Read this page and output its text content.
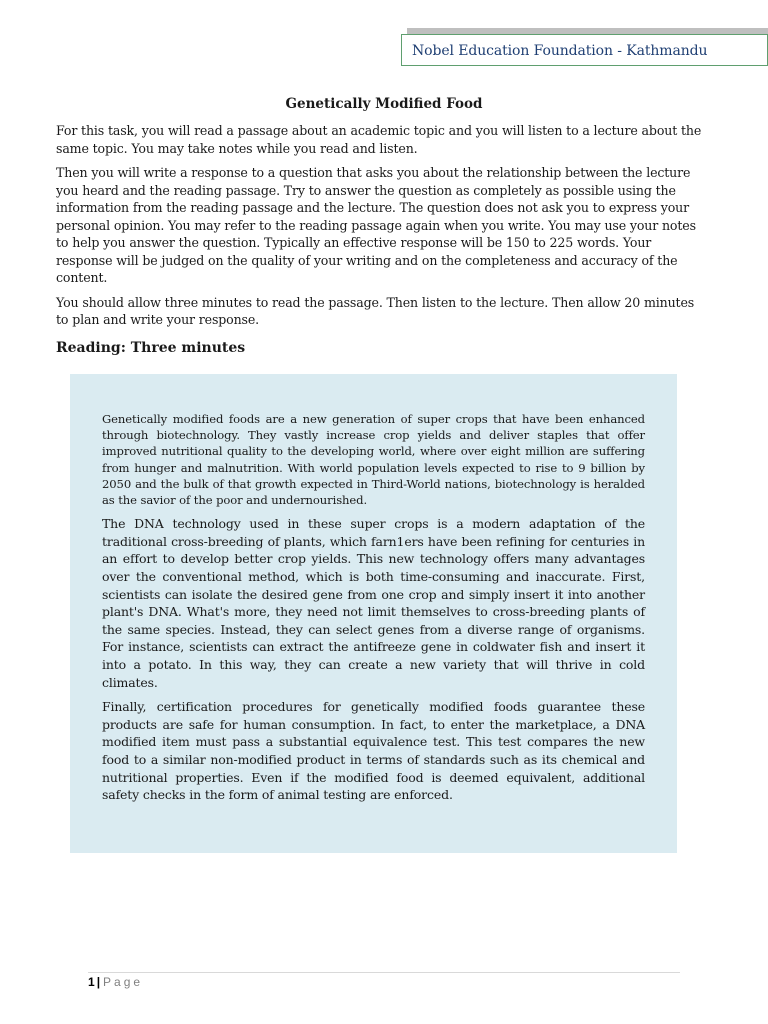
Nobel Education Foundation - Kathmandu
Genetically Modified Food

For this task, you will read a passage about an academic topic and you will listen to a lecture about the same topic. You may take notes while you read and listen.

Then you will write a response to a question that asks you about the relationship between the lecture you heard and the reading passage. Try to answer the question as completely as possible using the information from the reading passage and the lecture. The question does not ask you to express your personal opinion. You may refer to the reading passage again when you write. You may use your notes to help you answer the question. Typically an effective response will be 150 to 225 words. Your response will be judged on the quality of your writing and on the completeness and accuracy of the content.

You should allow three minutes to read the passage. Then listen to the lecture. Then allow 20 minutes to plan and write your response.

Reading: Three minutes

Genetically modified foods are a new generation of super crops that have been enhanced through biotechnology. They vastly increase crop yields and deliver staples that offer improved nutritional quality to the developing world, where over eight million are suffering from hunger and malnutrition. With world population levels expected to rise to 9 billion by 2050 and the bulk of that growth expected in Third-World nations, biotechnology is heralded as the savior of the poor and undernourished.

The DNA technology used in these super crops is a modern adaptation of the traditional cross-breeding of plants, which farn1ers have been refining for centuries in an effort to develop better crop yields. This new technology offers many advantages over the conventional method, which is both time-consuming and inaccurate. First, scientists can isolate the desired gene from one crop and simply insert it into another plant's DNA. What's more, they need not limit themselves to cross-breeding plants of the same species. Instead, they can select genes from a diverse range of organisms. For instance, scientists can extract the antifreeze gene in coldwater fish and insert it into a potato. In this way, they can create a new variety that will thrive in cold climates.

Finally, certification procedures for genetically modified foods guarantee these products are safe for human consumption. In fact, to enter the marketplace, a DNA modified item must pass a substantial equivalence test. This test compares the new food to a similar non-modified product in terms of standards such as its chemical and nutritional properties. Even if the modified food is deemed equivalent, additional safety checks in the form of animal testing are enforced.

1 | Page
